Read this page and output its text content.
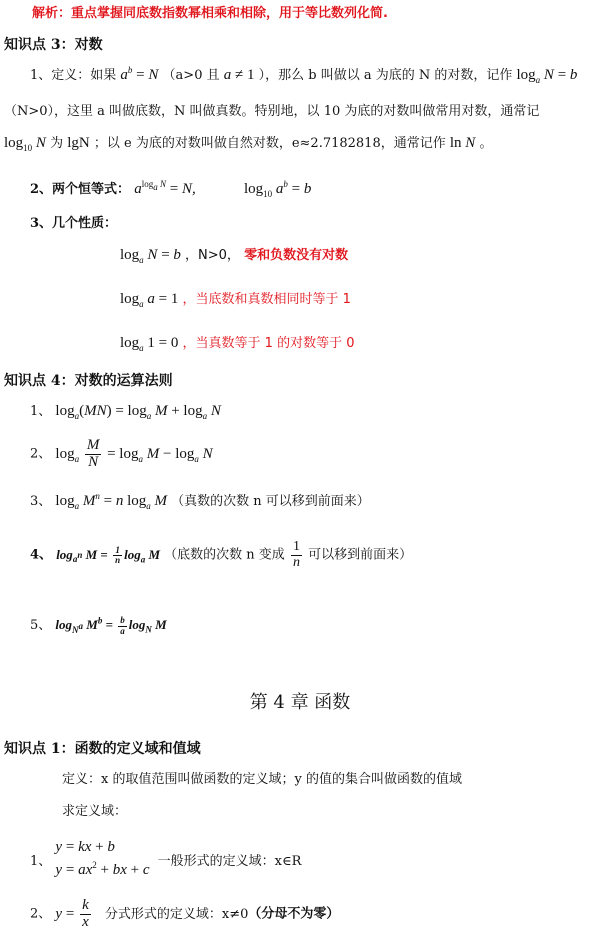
解析：重点掌握同底数指数幂相乘和相除，用于等比数列化简.
知识点 3：对数
1、定义：如果 $a^b = N$ （a>0 且 a ≠ 1 ），那么 b 叫做以 a 为底的 N 的对数，记作 $\log_a N = b$
（N>0），这里 a 叫做底数，N 叫做真数。特别地，以 10 为底的对数叫做常用对数，通常记
$\log_{10} N$ 为 lgN ；以 e 为底的对数叫做自然对数，e≈2.7182818，通常记作 ln N 。
2、两个恒等式： $a^{log_a N} = N$,	$\log_{10} a^b = b$
3、几个性质：
$\log_a N = b$ ，N>0， 零和负数没有对数
$\log_a a = 1$ ，当底数和真数相同时等于 1
$\log_a 1 = 0$ ，当真数等于 1 的对数等于 0
知识点 4：对数的运算法则
1、 $\log_a(MN) = \log_a M + \log_a N$
2、 $\log_a \frac{M}{N} = \log_a M - \log_a N$
3、 $\log_a M^n = n$ $\log_a M$ （真数的次数 n 可以移到前面来）
4、 $\log_{a^n} M = \frac{1}{n} \log_a M$ （底数的次数 n 变成 $\frac{1}{n}$ 可以移到前面来）
5、 $\log_{N^a} M^b = \frac{b}{a} \log_N M$
第 4 章 函数
知识点 1：函数的定义域和值域
定义：x 的取值范围叫做函数的定义域；y 的值的集合叫做函数的值域
求定义域：
1、
y = kx + b
$y = ax^2$ + bx + c
一般形式的定义域：x∈R
2、 $y = \frac{k}{x}$ 分式形式的定义域：x≠0（分母不为零）
